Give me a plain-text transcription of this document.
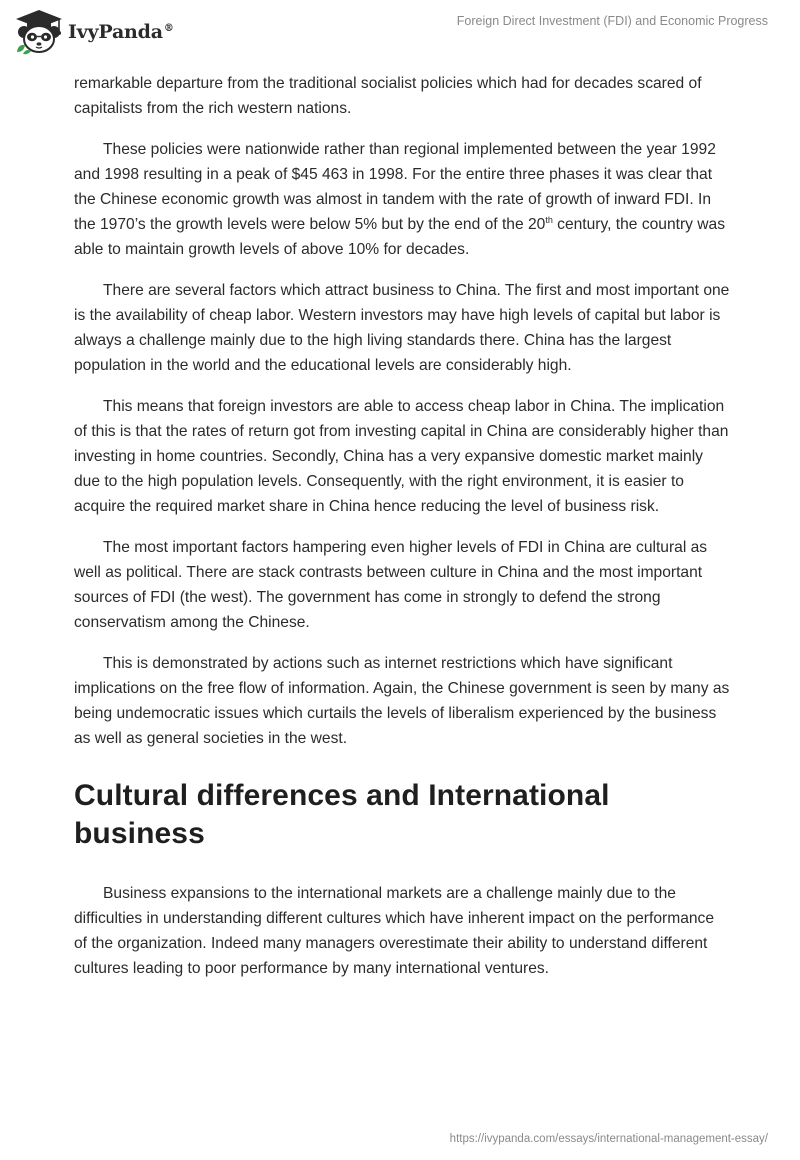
IvyPanda®
Foreign Direct Investment (FDI) and Economic Progress

remarkable departure from the traditional socialist policies which had for decades scared of capitalists from the rich western nations.

These policies were nationwide rather than regional implemented between the year 1992 and 1998 resulting in a peak of $45 463 in 1998. For the entire three phases it was clear that the Chinese economic growth was almost in tandem with the rate of growth of inward FDI. In the 1970’s the growth levels were below 5% but by the end of the 20th century, the country was able to maintain growth levels of above 10% for decades.

There are several factors which attract business to China. The first and most important one is the availability of cheap labor. Western investors may have high levels of capital but labor is always a challenge mainly due to the high living standards there. China has the largest population in the world and the educational levels are considerably high.

This means that foreign investors are able to access cheap labor in China. The implication of this is that the rates of return got from investing capital in China are considerably higher than investing in home countries. Secondly, China has a very expansive domestic market mainly due to the high population levels. Consequently, with the right environment, it is easier to acquire the required market share in China hence reducing the level of business risk.

The most important factors hampering even higher levels of FDI in China are cultural as well as political. There are stack contrasts between culture in China and the most important sources of FDI (the west). The government has come in strongly to defend the strong conservatism among the Chinese.

This is demonstrated by actions such as internet restrictions which have significant implications on the free flow of information. Again, the Chinese government is seen by many as being undemocratic issues which curtails the levels of liberalism experienced by the business as well as general societies in the west.

Cultural differences and International business

Business expansions to the international markets are a challenge mainly due to the difficulties in understanding different cultures which have inherent impact on the performance of the organization. Indeed many managers overestimate their ability to understand different cultures leading to poor performance by many international ventures.

https://ivypanda.com/essays/international-management-essay/
